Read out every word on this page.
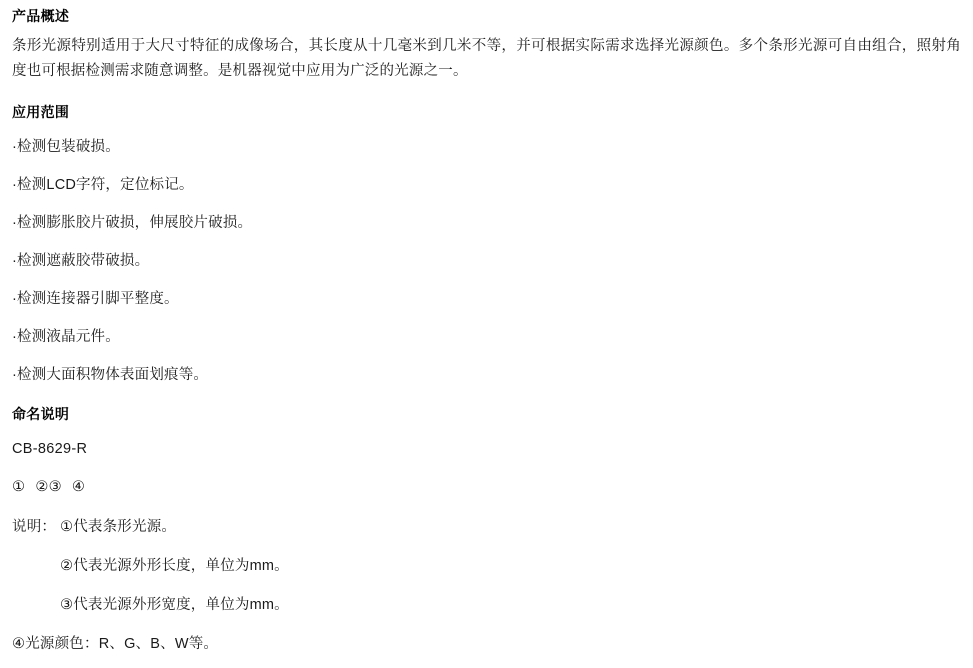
产品概述

条形光源特别适用于大尺寸特征的成像场合，其长度从十几毫米到几米不等，并可根据实际需求选择光源颜色。多个条形光源可自由组合，照射角度也可根据检测需求随意调整。是机器视觉中应用为广泛的光源之一。

应用范围

·检测包装破损。

·检测LCD字符，定位标记。

·检测膨胀胶片破损，伸展胶片破损。

·检测遮蔽胶带破损。

·检测连接器引脚平整度。

·检测液晶元件。

·检测大面积物体表面划痕等。

命名说明

CB-8629-R

① ②③ ④

说明： ①代表条形光源。

②代表光源外形长度，单位为mm。

③代表光源外形宽度，单位为mm。

④光源颜色：R、G、B、W等。
